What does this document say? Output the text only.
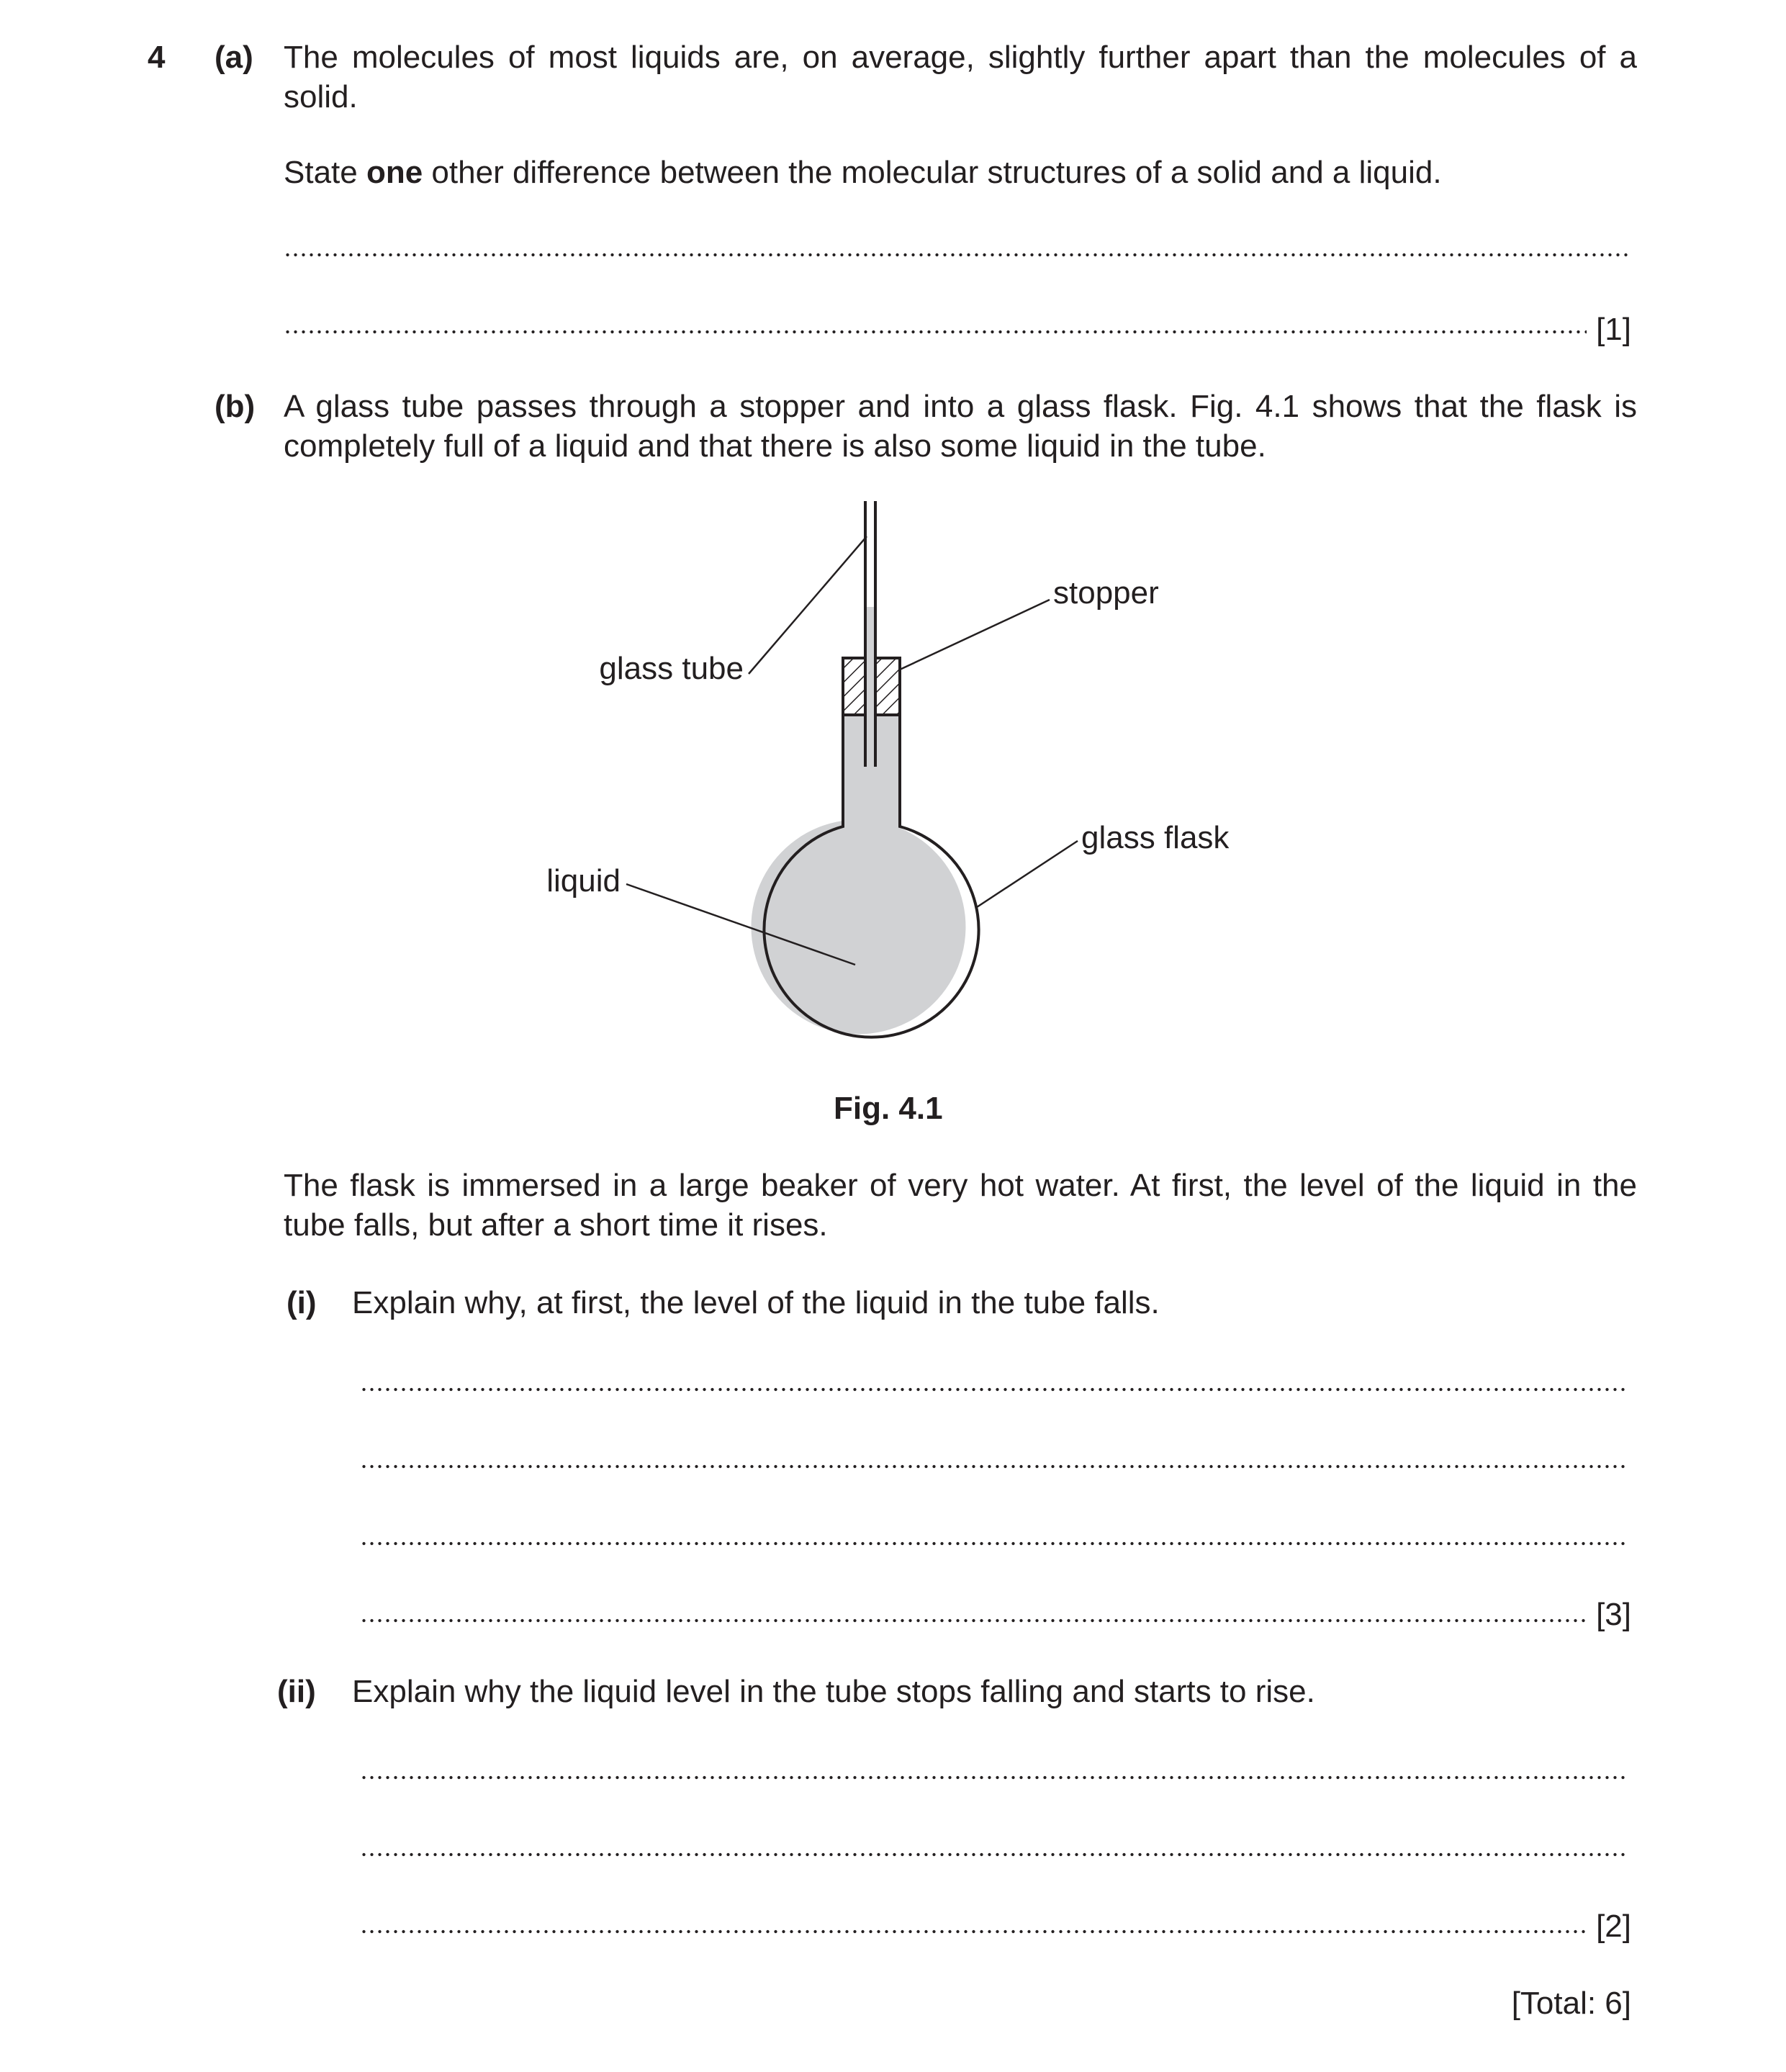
4 (a) The molecules of most liquids are, on average, slightly further apart than the molecules of a solid.
State one other difference between the molecular structures of a solid and a liquid.
[1]
(b) A glass tube passes through a stopper and into a glass flask. Fig. 4.1 shows that the flask is completely full of a liquid and that there is also some liquid in the tube.
glass tube
stopper
glass flask
liquid
Fig. 4.1
The flask is immersed in a large beaker of very hot water. At first, the level of the liquid in the tube falls, but after a short time it rises.
(i) Explain why, at first, the level of the liquid in the tube falls.
[3]
(ii) Explain why the liquid level in the tube stops falling and starts to rise.
[2]
[Total: 6]
